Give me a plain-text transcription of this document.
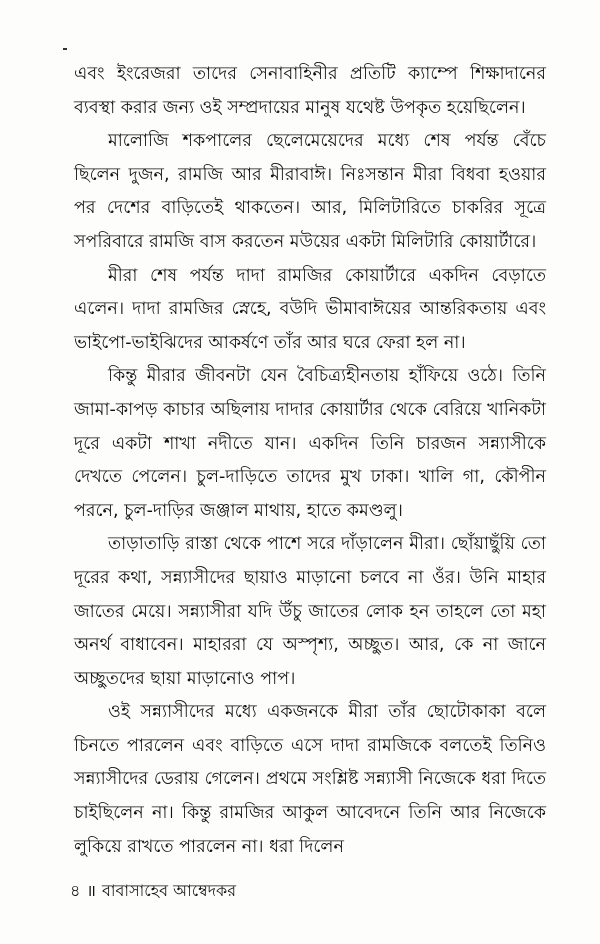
এবং ইংরেজরা তাদের সেনাবাহিনীর প্রতিটি ক্যাম্পে শিক্ষাদানের ব্যবস্থা করার জন্য ওই সম্প্রদায়ের মানুষ যথেষ্ট উপকৃত হয়েছিলেন।

মালোজি শকপালের ছেলেমেয়েদের মধ্যে শেষ পর্যন্ত বেঁচে ছিলেন দুজন, রামজি আর মীরাবাঈ। নিঃসন্তান মীরা বিধবা হওয়ার পর দেশের বাড়িতেই থাকতেন। আর, মিলিটারিতে চাকরির সূত্রে সপরিবারে রামজি বাস করতেন মউয়ের একটা মিলিটারি কোয়ার্টারে।

মীরা শেষ পর্যন্ত দাদা রামজির কোয়ার্টারে একদিন বেড়াতে এলেন। দাদা রামজির স্নেহে, বউদি ভীমাবাঈয়ের আন্তরিকতায় এবং ভাইপো-ভাইঝিদের আকর্ষণে তাঁর আর ঘরে ফেরা হল না।

কিন্তু মীরার জীবনটা যেন বৈচিত্র্যহীনতায় হাঁফিয়ে ওঠে। তিনি জামা-কাপড় কাচার অছিলায় দাদার কোয়ার্টার থেকে বেরিয়ে খানিকটা দূরে একটা শাখা নদীতে যান। একদিন তিনি চারজন সন্ন্যাসীকে দেখতে পেলেন। চুল-দাড়িতে তাদের মুখ ঢাকা। খালি গা, কৌপীন পরনে, চুল-দাড়ির জঞ্জাল মাথায়, হাতে কমণ্ডলু।

তাড়াতাড়ি রাস্তা থেকে পাশে সরে দাঁড়ালেন মীরা। ছোঁয়াছুঁয়ি তো দূরের কথা, সন্ন্যাসীদের ছায়াও মাড়ানো চলবে না ওঁর। উনি মাহার জাতের মেয়ে। সন্ন্যাসীরা যদি উঁচু জাতের লোক হন তাহলে তো মহা অনর্থ বাধাবেন। মাহাররা যে অস্পৃশ্য, অচ্ছুত। আর, কে না জানে অচ্ছুতদের ছায়া মাড়ানোও পাপ।

ওই সন্ন্যাসীদের মধ্যে একজনকে মীরা তাঁর ছোটোকাকা বলে চিনতে পারলেন এবং বাড়িতে এসে দাদা রামজিকে বলতেই তিনিও সন্ন্যাসীদের ডেরায় গেলেন। প্রথমে সংশ্লিষ্ট সন্ন্যাসী নিজেকে ধরা দিতে চাইছিলেন না। কিন্তু রামজির আকুল আবেদনে তিনি আর নিজেকে লুকিয়ে রাখতে পারলেন না। ধরা দিলেন

৪ ॥ বাবাসাহেব আম্বেদকর
